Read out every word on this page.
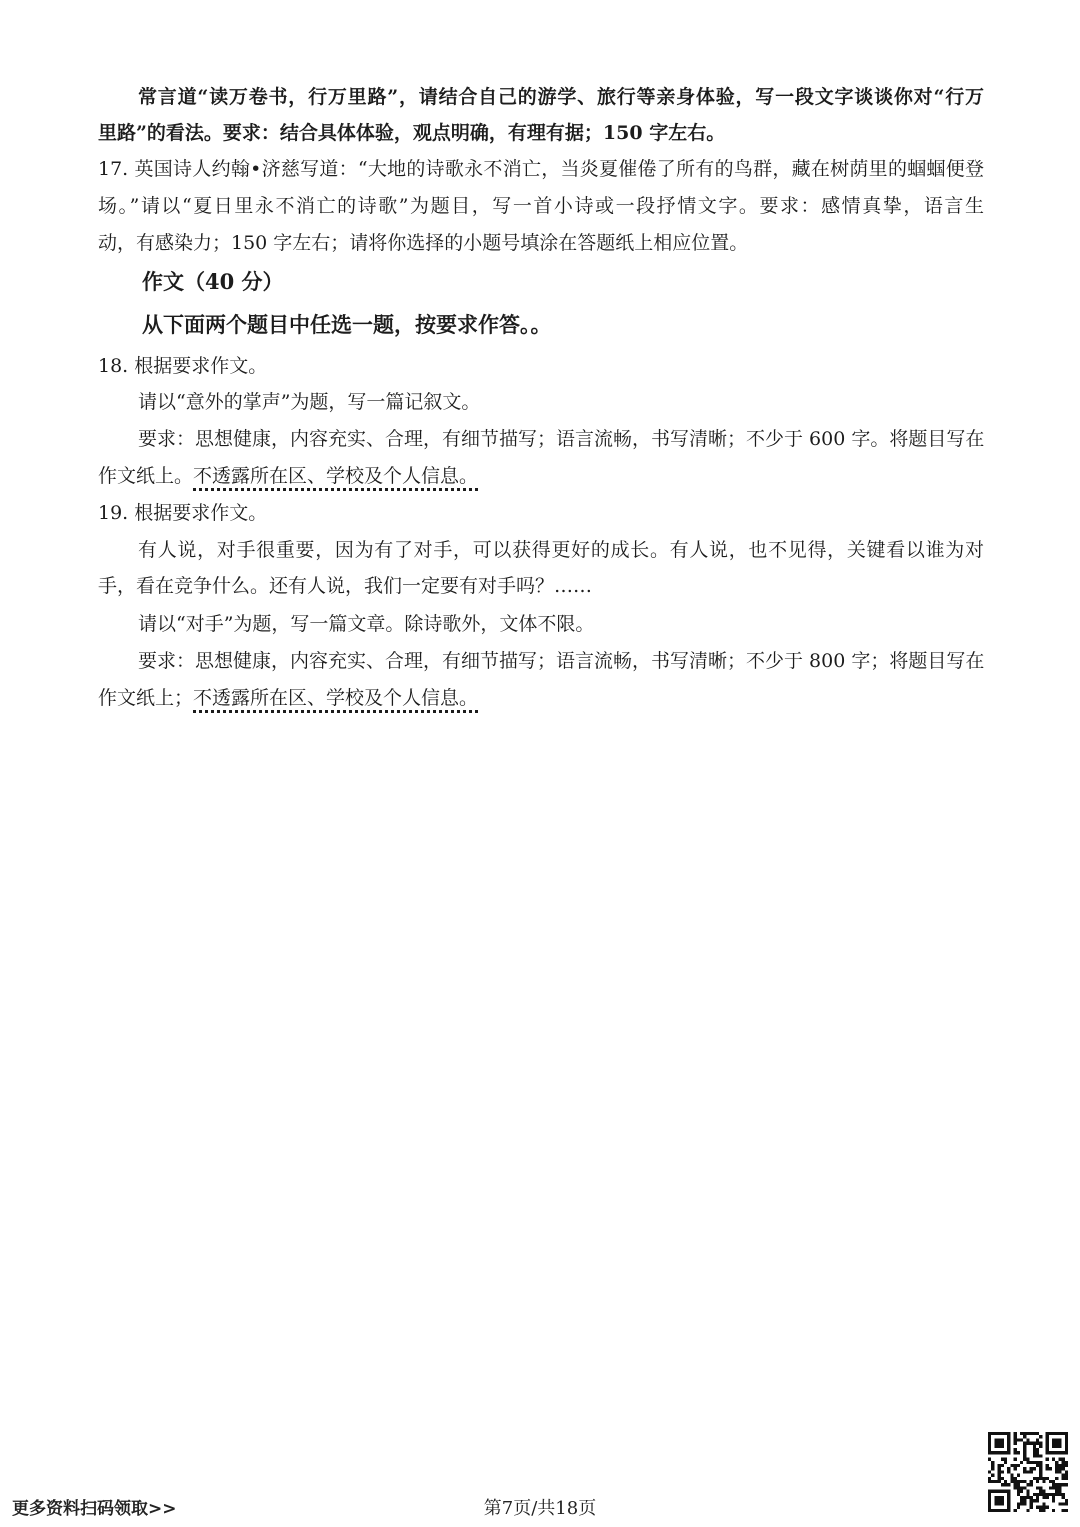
常言道“读万卷书，行万里路”，请结合自己的游学、旅行等亲身体验，写一段文字谈谈你对“行万
里路”的看法。要求：结合具体体验，观点明确，有理有据；150 字左右。
17. 英国诗人约翰•济慈写道：“大地的诗歌永不消亡，当炎夏催倦了所有的鸟群，藏在树荫里的蝈蝈便登
场。”请以“夏日里永不消亡的诗歌”为题目，写一首小诗或一段抒情文字。要求：感情真挚，语言生
动，有感染力；150 字左右；请将你选择的小题号填涂在答题纸上相应位置。
作文（40 分）
从下面两个题目中任选一题，按要求作答。。
18. 根据要求作文。
请以“意外的掌声”为题，写一篇记叙文。
要求：思想健康，内容充实、合理，有细节描写；语言流畅，书写清晰；不少于 600 字。将题目写在
作文纸上。不透露所在区、学校及个人信息。
19. 根据要求作文。
有人说，对手很重要，因为有了对手，可以获得更好的成长。有人说，也不见得，关键看以谁为对
手，看在竞争什么。还有人说，我们一定要有对手吗？……
请以“对手”为题，写一篇文章。除诗歌外，文体不限。
要求：思想健康，内容充实、合理，有细节描写；语言流畅，书写清晰；不少于 800 字；将题目写在
作文纸上；不透露所在区、学校及个人信息。
更多资料扫码领取>>	第7页/共18页
